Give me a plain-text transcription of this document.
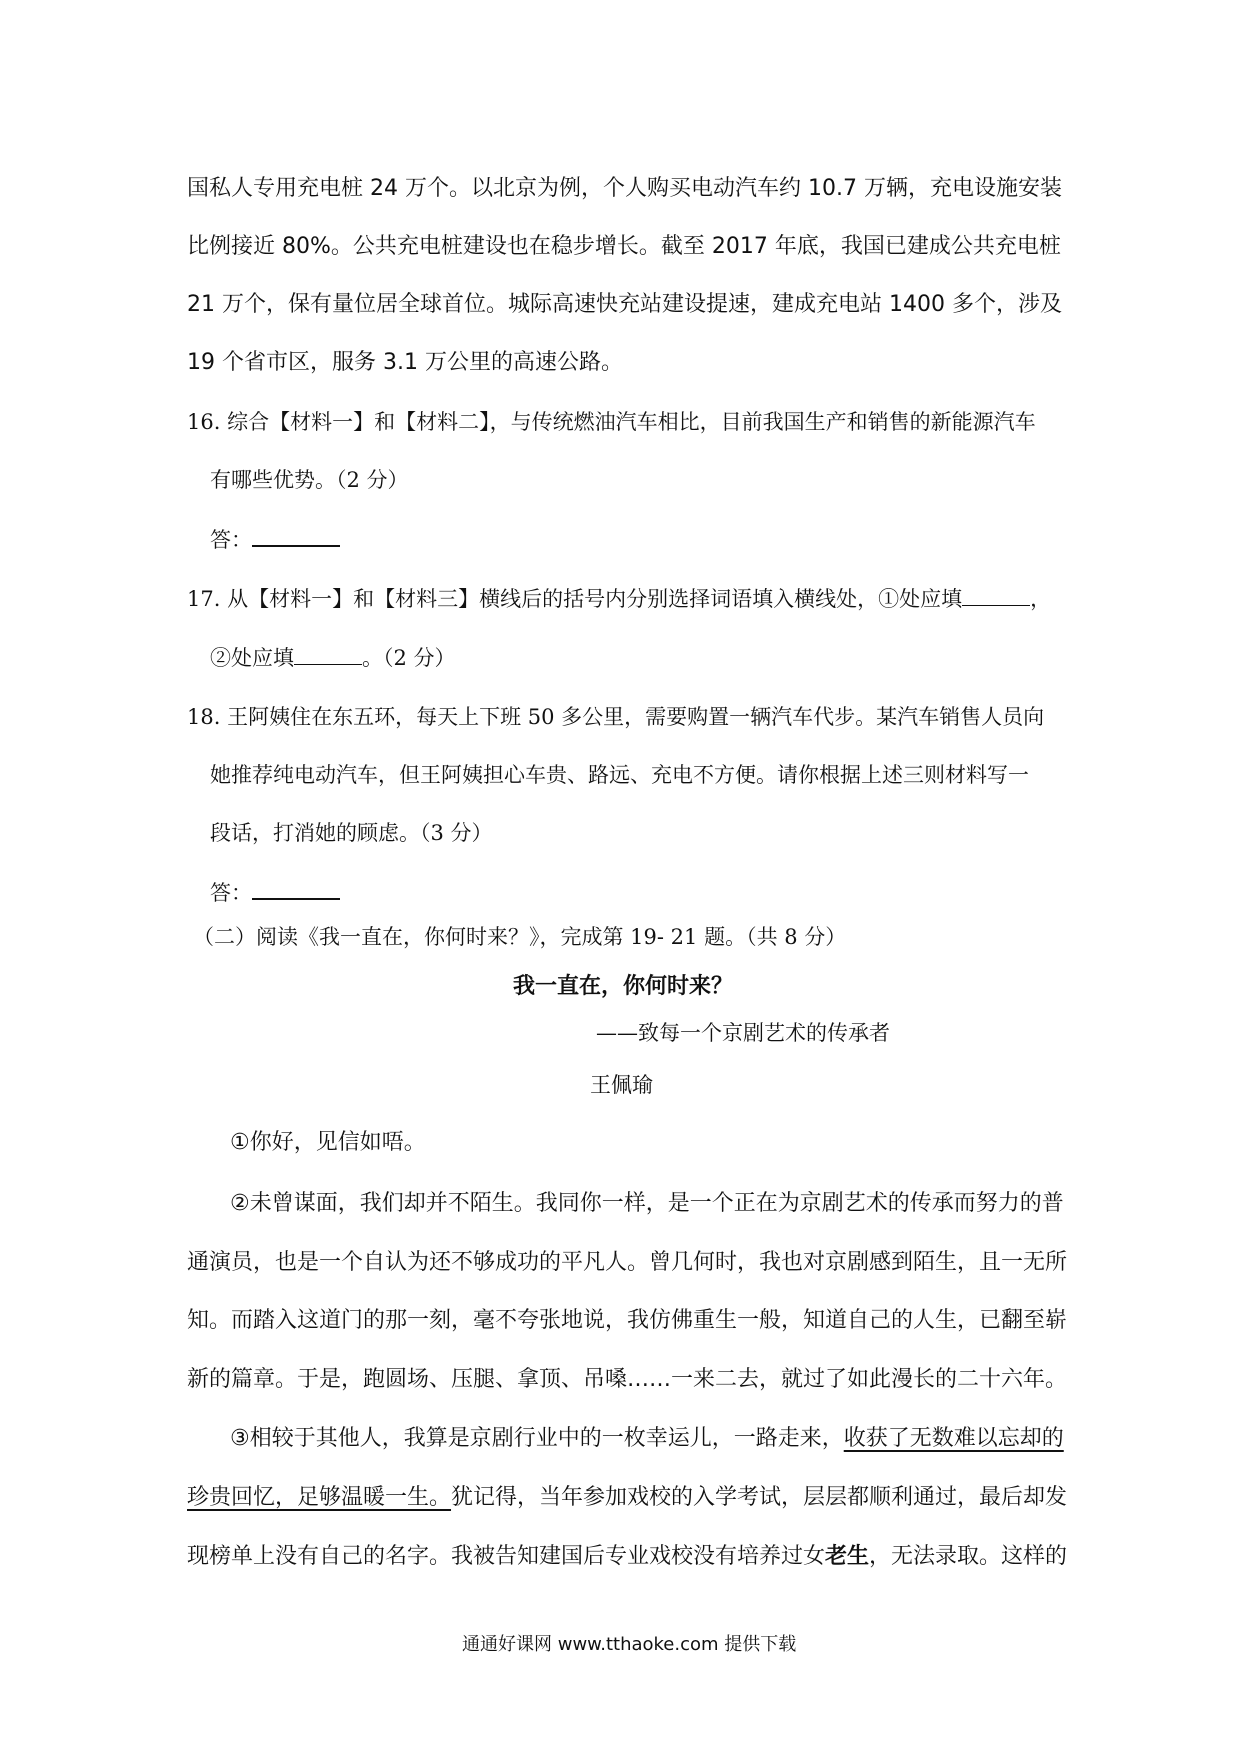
国私人专用充电桩 24 万个。以北京为例，个人购买电动汽车约 10.7 万辆，充电设施安装
比例接近 80%。公共充电桩建设也在稳步增长。截至 2017 年底，我国已建成公共充电桩
21 万个，保有量位居全球首位。城际高速快充站建设提速，建成充电站 1400 多个，涉及
19 个省市区，服务 3.1 万公里的高速公路。
16. 综合【材料一】和【材料二】，与传统燃油汽车相比，目前我国生产和销售的新能源汽车
有哪些优势。（2 分）
答：
17. 从【材料一】和【材料三】横线后的括号内分别选择词语填入横线处，①处应填	，
②处应填	。（2 分）
18. 王阿姨住在东五环，每天上下班 50 多公里，需要购置一辆汽车代步。某汽车销售人员向
她推荐纯电动汽车，但王阿姨担心车贵、路远、充电不方便。请你根据上述三则材料写一
段话，打消她的顾虑。（3 分）
答：
（二）阅读《我一直在，你何时来？》，完成第 19- 21 题。（共 8 分）
我一直在，你何时来？
——致每一个京剧艺术的传承者
王佩瑜
①你好，见信如唔。
②未曾谋面，我们却并不陌生。我同你一样，是一个正在为京剧艺术的传承而努力的普
通演员，也是一个自认为还不够成功的平凡人。曾几何时，我也对京剧感到陌生，且一无所
知。而踏入这道门的那一刻，毫不夸张地说，我仿佛重生一般，知道自己的人生，已翻至崭
新的篇章。于是，跑圆场、压腿、拿顶、吊嗓……一来二去，就过了如此漫长的二十六年。
③相较于其他人，我算是京剧行业中的一枚幸运儿，一路走来，收获了无数难以忘却的
珍贵回忆，足够温暖一生。犹记得，当年参加戏校的入学考试，层层都顺利通过，最后却发
现榜单上没有自己的名字。我被告知建国后专业戏校没有培养过女老生，无法录取。这样的
通通好课网 www.tthaoke.com 提供下载
